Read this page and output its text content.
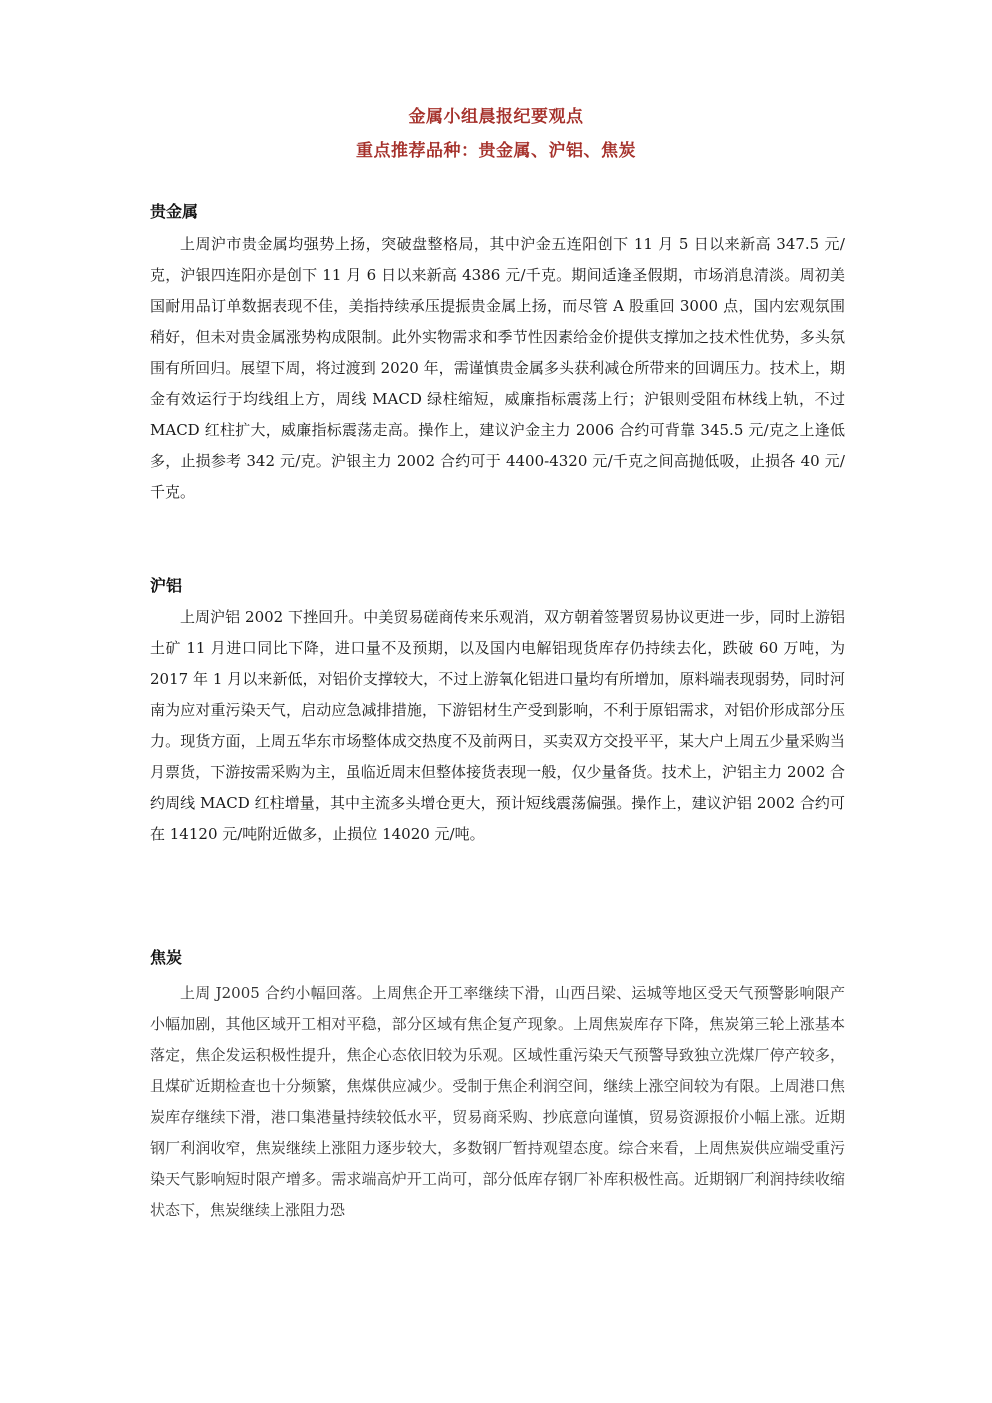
金属小组晨报纪要观点
重点推荐品种：贵金属、沪铝、焦炭
贵金属
上周沪市贵金属均强势上扬，突破盘整格局，其中沪金五连阳创下 11 月 5 日以来新高 347.5 元/克，沪银四连阳亦是创下 11 月 6 日以来新高 4386 元/千克。期间适逢圣假期，市场消息清淡。周初美国耐用品订单数据表现不佳，美指持续承压提振贵金属上扬，而尽管 A 股重回 3000 点，国内宏观氛围稍好，但未对贵金属涨势构成限制。此外实物需求和季节性因素给金价提供支撑加之技术性优势，多头氛围有所回归。展望下周，将过渡到 2020 年，需谨慎贵金属多头获利减仓所带来的回调压力。技术上，期金有效运行于均线组上方，周线 MACD 绿柱缩短，威廉指标震荡上行；沪银则受阻布林线上轨，不过 MACD 红柱扩大，威廉指标震荡走高。操作上，建议沪金主力 2006 合约可背靠 345.5 元/克之上逢低多，止损参考 342 元/克。沪银主力 2002 合约可于 4400-4320 元/千克之间高抛低吸，止损各 40 元/千克。
沪铝
上周沪铝 2002 下挫回升。中美贸易磋商传来乐观消，双方朝着签署贸易协议更进一步，同时上游铝土矿 11 月进口同比下降，进口量不及预期，以及国内电解铝现货库存仍持续去化，跌破 60 万吨，为 2017 年 1 月以来新低，对铝价支撑较大，不过上游氧化铝进口量均有所增加，原料端表现弱势，同时河南为应对重污染天气，启动应急减排措施，下游铝材生产受到影响，不利于原铝需求，对铝价形成部分压力。现货方面，上周五华东市场整体成交热度不及前两日，买卖双方交投平平，某大户上周五少量采购当月票货，下游按需采购为主，虽临近周末但整体接货表现一般，仅少量备货。技术上，沪铝主力 2002 合约周线 MACD 红柱增量，其中主流多头增仓更大，预计短线震荡偏强。操作上，建议沪铝 2002 合约可在 14120 元/吨附近做多，止损位 14020 元/吨。
焦炭
上周 J2005 合约小幅回落。上周焦企开工率继续下滑，山西吕梁、运城等地区受天气预警影响限产小幅加剧，其他区域开工相对平稳，部分区域有焦企复产现象。上周焦炭库存下降，焦炭第三轮上涨基本落定，焦企发运积极性提升，焦企心态依旧较为乐观。区域性重污染天气预警导致独立洗煤厂停产较多，且煤矿近期检查也十分频繁，焦煤供应减少。受制于焦企利润空间，继续上涨空间较为有限。上周港口焦炭库存继续下滑，港口集港量持续较低水平，贸易商采购、抄底意向谨慎，贸易资源报价小幅上涨。近期钢厂利润收窄，焦炭继续上涨阻力逐步较大，多数钢厂暂持观望态度。综合来看，上周焦炭供应端受重污染天气影响短时限产增多。需求端高炉开工尚可，部分低库存钢厂补库积极性高。近期钢厂利润持续收缩状态下，焦炭继续上涨阻力恐
